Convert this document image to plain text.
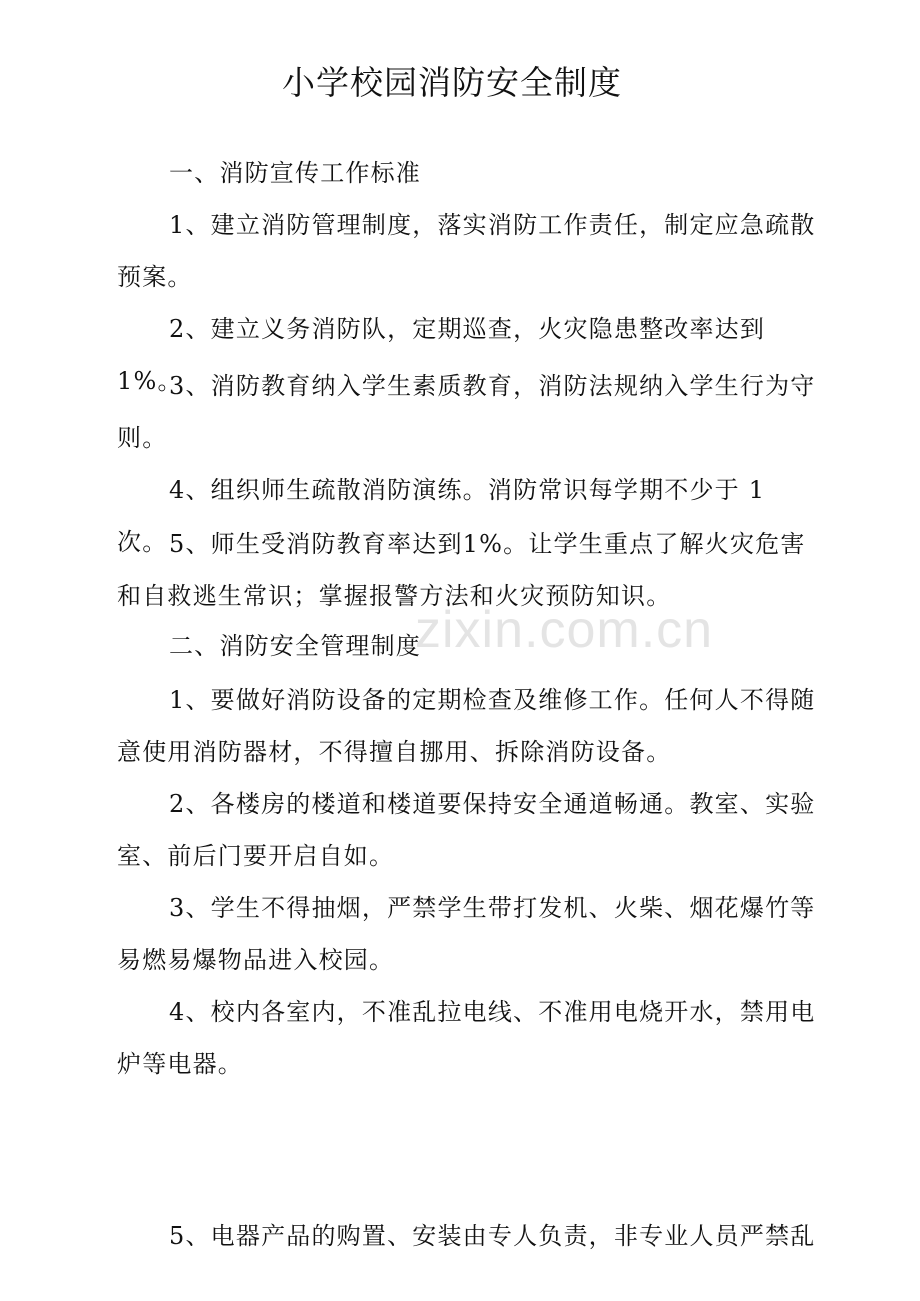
小学校园消防安全制度

一、消防宣传工作标准

1、建立消防管理制度，落实消防工作责任，制定应急疏散预案。

2、建立义务消防队，定期巡查，火灾隐患整改率达到1%。

3、消防教育纳入学生素质教育，消防法规纳入学生行为守则。

4、组织师生疏散消防演练。消防常识每学期不少于 1 次。 5、师生受消防教育率达到1%。让学生重点了解火灾危害和自救逃生常识；掌握报警方法和火灾预防知识。

二、消防安全管理制度

1、要做好消防设备的定期检查及维修工作。任何人不得随意使用消防器材，不得擅自挪用、拆除消防设备。

2、各楼房的楼道和楼道要保持安全通道畅通。教室、实验室、前后门要开启自如。

3、学生不得抽烟，严禁学生带打发机、火柴、烟花爆竹等易燃易爆物品进入校园。

4、校内各室内，不准乱拉电线、不准用电烧开水，禁用电炉等电器。

5、电器产品的购置、安装由专人负责，非专业人员严禁乱

zixin.com.cn
